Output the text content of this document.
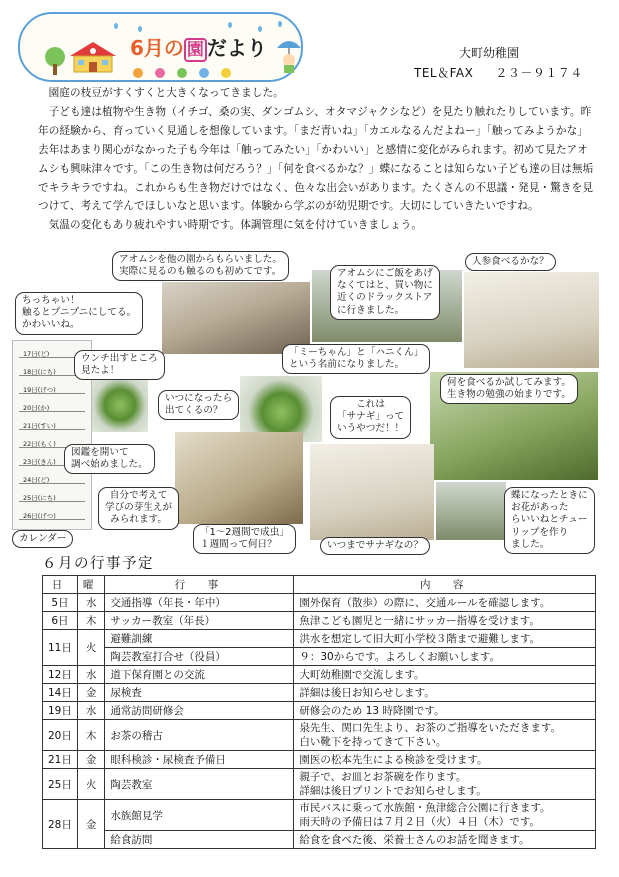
6月の 園 だより	大町幼稚園
TEL＆FAX ２３－９１７４

園庭の枝豆がすくすくと大きくなってきました。

子ども達は植物や生き物（イチゴ、桑の実、ダンゴムシ、オタマジャクシなど）を見たり触れたりしています。昨年の経験から、育っていく見通しを想像しています。「まだ青いね」「カエルなるんだよねー」「触ってみようかな」去年はあまり関心がなかった子も今年は「触ってみたい」「かわいい」と感情に変化がみられます。初めて見たアオムシも興味津々です。「この生き物は何だろう？」「何を食べるかな？」蝶になることは知らない子ども達の目は無垢でキラキラですね。これからも生き物だけではなく、色々な出会いがあります。たくさんの不思議・発見・驚きを見つけて、考えて学んでほしいなと思います。体験から学ぶのが幼児期です。大切にしていきたいですね。

気温の変化もあり疲れやすい時期です。体調管理に気を付けていきましょう。

17日(ど)
18日(にち)
19日(げつ)
20日(か)
21日(すい)
22日(もく)
23日(きん)
24日(ど)
25日(にち)
26日(げつ)
アオムシを他の園からもらいました。
実際に見るのも触るのも初めてです。	アオムシにご飯をあげ
なくてはと、買い物に
近くのドラックストア
に行きました。
人参食べるかな？
ちっちゃい！
触るとプニプニにしてる。
かわいいね。
ウンチ出すところ
見たよ！
「ミーちゃん」と「ハニくん」
という名前になりました。
何を食べるか試してみます。
生き物の勉強の始まりです。
いつになったら
出てくるの？
これは
「サナギ」って
いうやつだ！！
図鑑を開いて
調べ始めました。
自分で考えて
学びの芽生えが
みられます。
蝶になったときに
お花があった
らいいねとチュー
リップを作り
ました。
「1～2週間で成虫」
１週間って何日？	いつまでサナギなの？
カレンダー
６月の行事予定
日	曜	行　事	内　容
5日	水	交通指導（年長・年中）	園外保育（散歩）の際に、交通ルールを確認します。
6日	木	サッカー教室（年長）	魚津こども園児と一緒にサッカー指導を受けます。
11日	火	避難訓練	洪水を想定して旧大町小学校３階まで避難します。
		陶芸教室打合せ（役員）	９：30からです。よろしくお願いします。
12日	水	道下保育園との交流	大町幼稚園で交流します。
14日	金	尿検査	詳細は後日お知らせします。
19日	水	通常訪問研修会	研修会のため 13 時降園です。
20日	木	お茶の稽古	泉先生、関口先生より、お茶のご指導をいただきます。
白い靴下を持ってきて下さい。

21日	金	眼科検診・尿検査予備日	園医の松本先生による検診を受けます。
25日	火	陶芸教室	親子で、お皿とお茶碗を作ります。
詳細は後日プリントでお知らせします。

28日	金	水族館見学	市民バスに乗って水族館・魚津総合公園に行きます。
雨天時の予備日は７月２日（火）４日（木）です。

		給食訪問	給食を食べた後、栄養士さんのお話を聞きます。
